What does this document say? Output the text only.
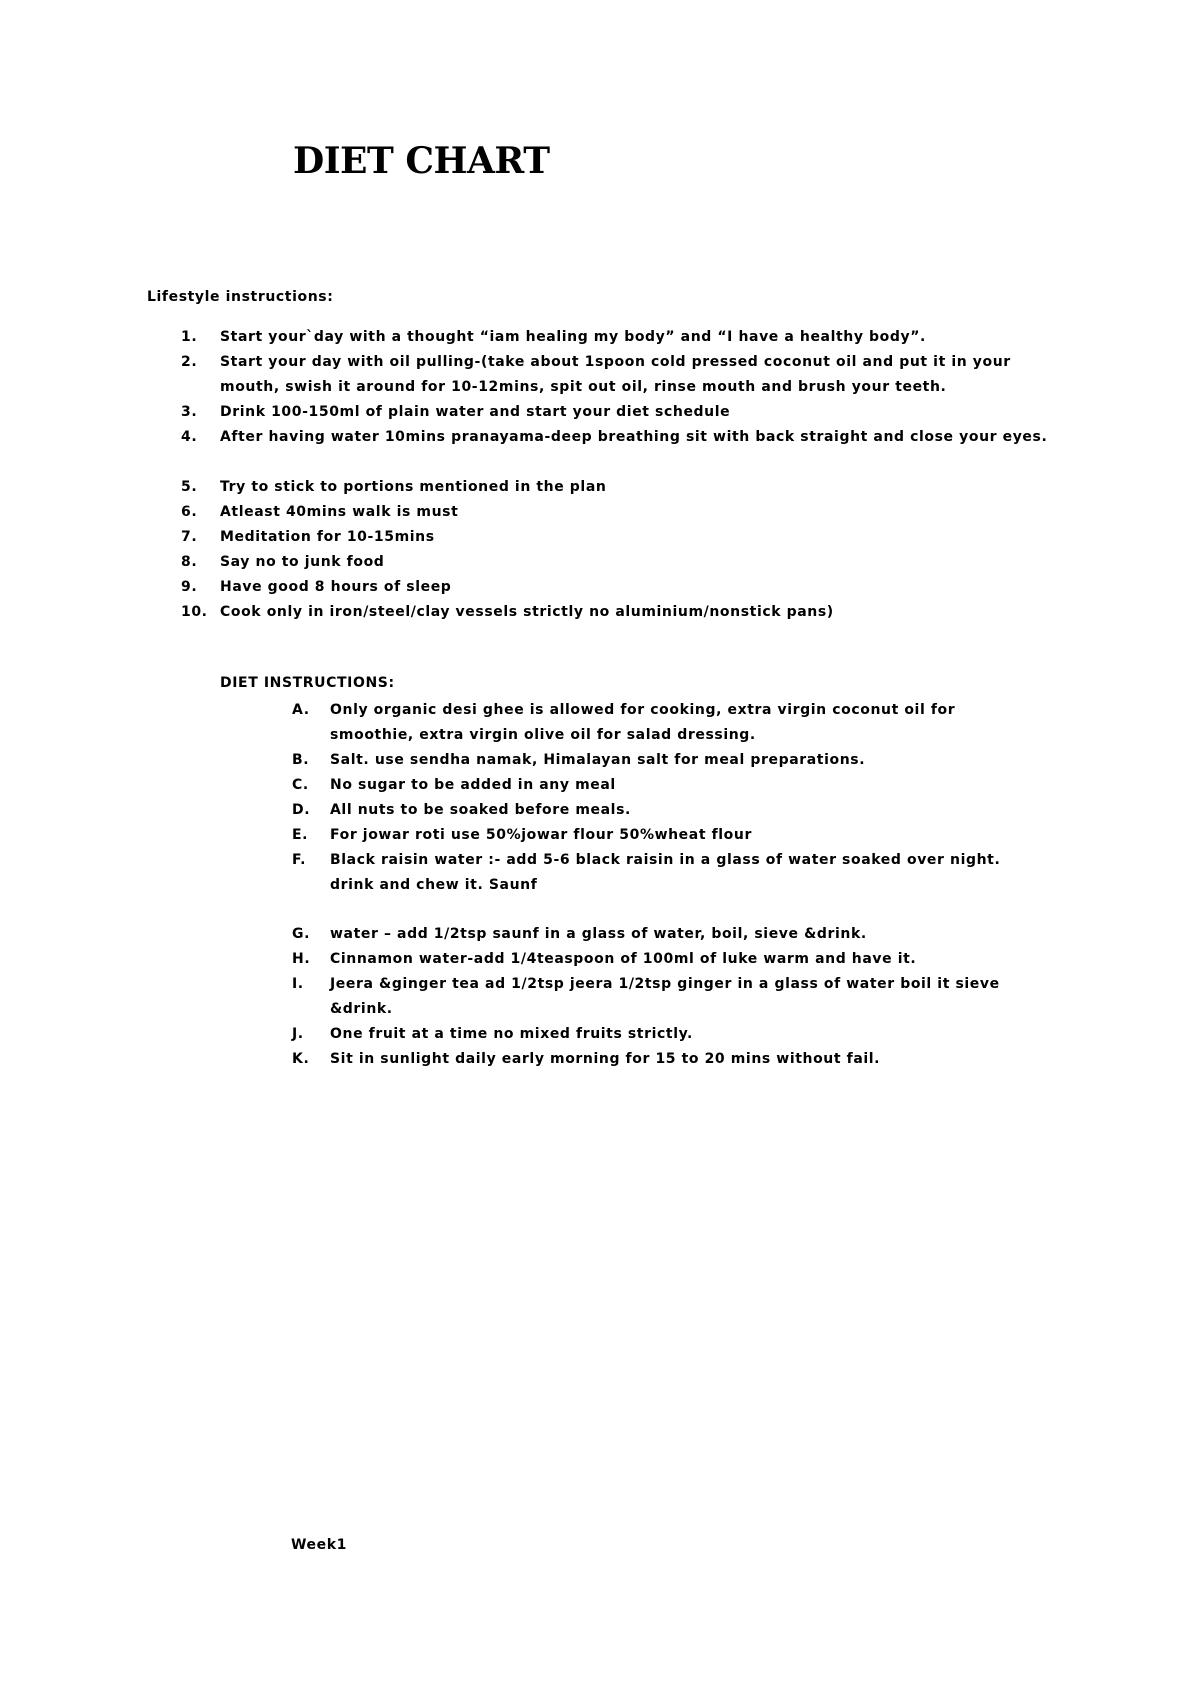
DIET CHART
Lifestyle instructions:
1.	Start your`day with a thought “iam healing my body” and “I have a healthy body”.
2.	Start your day with oil pulling-(take about 1spoon cold pressed coconut oil and put it in your mouth, swish it around for 10-12mins, spit out oil, rinse mouth and brush your teeth.
3.	Drink 100-150ml of plain water and start your diet schedule
4.	After having water 10mins pranayama-deep breathing sit with back straight and close your eyes.
5.	Try to stick to portions mentioned in the plan
6.	Atleast 40mins walk is must
7.	Meditation for 10-15mins
8.	Say no to junk food
9.	Have good 8 hours of sleep
10. Cook only in iron/steel/clay vessels strictly no aluminium/nonstick pans)
DIET INSTRUCTIONS:
A.	Only organic desi ghee is allowed for cooking, extra virgin coconut oil for smoothie, extra virgin olive oil for salad dressing.
B.	Salt. use sendha namak, Himalayan salt for meal preparations.
C.	No sugar to be added in any meal
D.	All nuts to be soaked before meals.
E.	For jowar roti use 50%jowar flour 50%wheat flour
F.	Black raisin water :- add 5-6 black raisin in a glass of water soaked over night. drink and chew it. Saunf
G.	water – add 1/2tsp saunf in a glass of water, boil, sieve &drink.
H.	Cinnamon water-add 1/4teaspoon of 100ml of luke warm and have it.
I.	Jeera &ginger tea ad 1/2tsp jeera 1/2tsp ginger in a glass of water boil it sieve &drink.
J.	One fruit at a time no mixed fruits strictly.
K.	Sit in sunlight daily early morning for 15 to 20 mins without fail.
Week1
